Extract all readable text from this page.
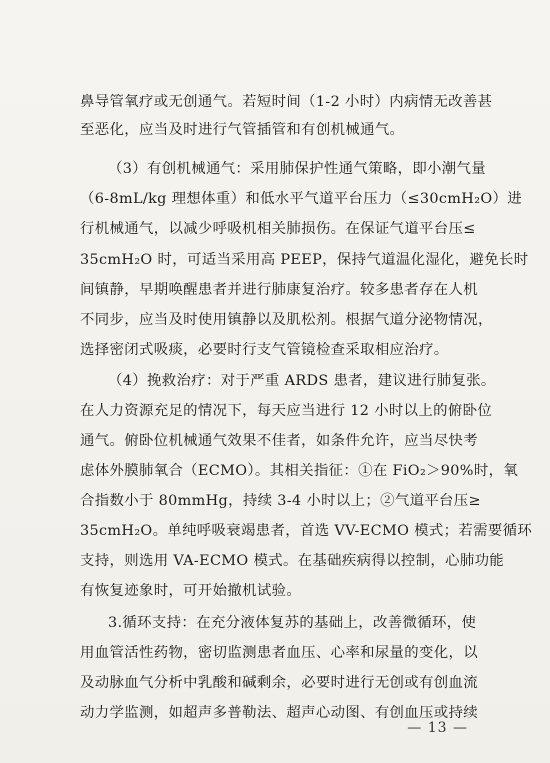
鼻导管氧疗或无创通气。若短时间（1-2 小时）内病情无改善甚
至恶化，应当及时进行气管插管和有创机械通气。
（3）有创机械通气：采用肺保护性通气策略，即小潮气量
（6-8mL/kg 理想体重）和低水平气道平台压力（≤30cmH₂O）进
行机械通气，以减少呼吸机相关肺损伤。在保证气道平台压≤
35cmH₂O 时，可适当采用高 PEEP，保持气道温化湿化，避免长时
间镇静，早期唤醒患者并进行肺康复治疗。较多患者存在人机
不同步，应当及时使用镇静以及肌松剂。根据气道分泌物情况，
选择密闭式吸痰，必要时行支气管镜检查采取相应治疗。
（4）挽救治疗：对于严重 ARDS 患者，建议进行肺复张。
在人力资源充足的情况下，每天应当进行 12 小时以上的俯卧位
通气。俯卧位机械通气效果不佳者，如条件允许，应当尽快考
虑体外膜肺氧合（ECMO）。其相关指征：①在 FiO₂＞90%时，氧
合指数小于 80mmHg，持续 3-4 小时以上；②气道平台压≥
35cmH₂O。单纯呼吸衰竭患者，首选 VV-ECMO 模式；若需要循环
支持，则选用 VA-ECMO 模式。在基础疾病得以控制，心肺功能
有恢复迹象时，可开始撤机试验。
3.循环支持：在充分液体复苏的基础上，改善微循环，使
用血管活性药物，密切监测患者血压、心率和尿量的变化，以
及动脉血气分析中乳酸和碱剩余，必要时进行无创或有创血流
动力学监测，如超声多普勒法、超声心动图、有创血压或持续
— 13 —
